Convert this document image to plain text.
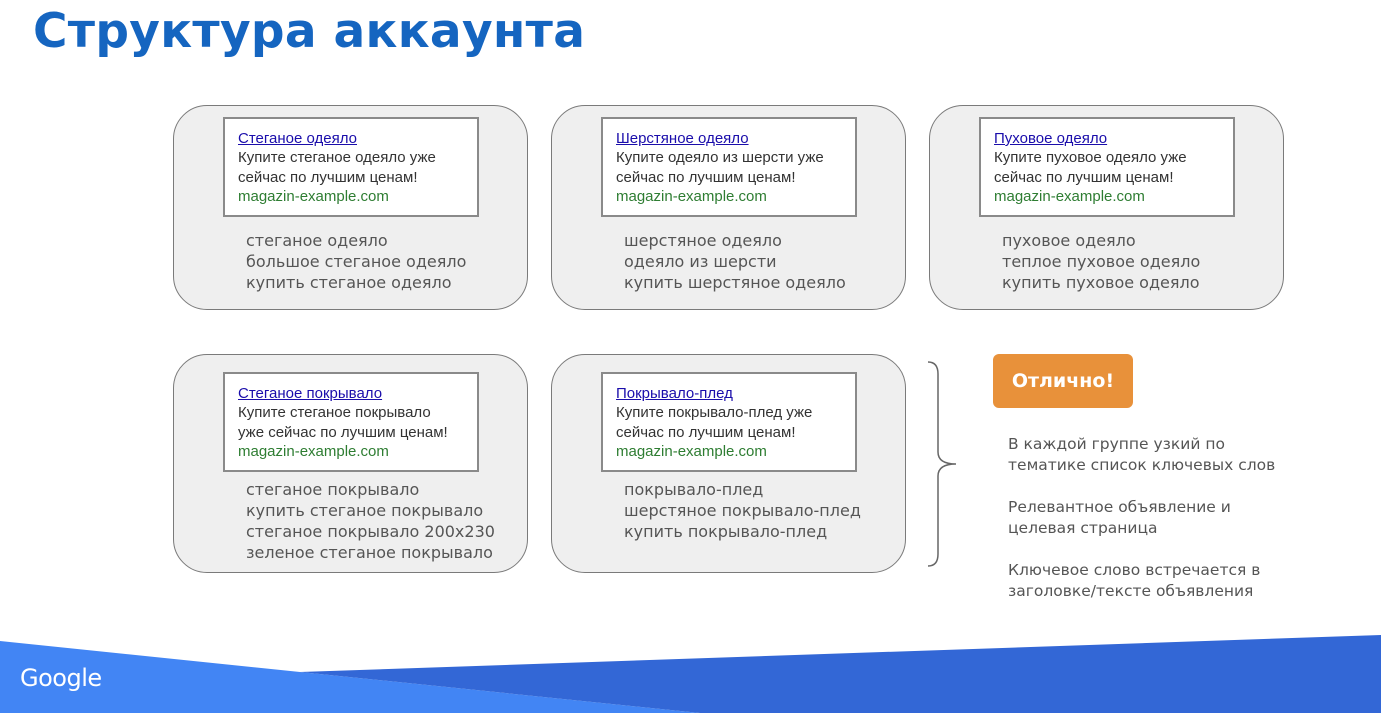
Структура аккаунта
Стеганое одеяло
Купите стеганое одеяло уже
сейчас по лучшим ценам!
magazin-example.com
стеганое одеяло
большое стеганое одеяло
купить стеганое одеяло
Шерстяное одеяло
Купите одеяло из шерсти уже
сейчас по лучшим ценам!
magazin-example.com
шерстяное одеяло
одеяло из шерсти
купить шерстяное одеяло
Пуховое одеяло
Купите пуховое одеяло уже
сейчас по лучшим ценам!
magazin-example.com
пуховое одеяло
теплое пуховое одеяло
купить пуховое одеяло
Стеганое покрывало
Купите стеганое покрывало
уже сейчас по лучшим ценам!
magazin-example.com
стеганое покрывало
купить стеганое покрывало
стеганое покрывало 200х230
зеленое стеганое покрывало
Покрывало-плед
Купите покрывало-плед уже
сейчас по лучшим ценам!
magazin-example.com
покрывало-плед
шерстяное покрывало-плед
купить покрывало-плед
Отлично!

В каждой группе узкий по
тематике список ключевых слов

Релевантное объявление и
целевая страница

Ключевое слово встречается в
заголовке/тексте объявления

Google
